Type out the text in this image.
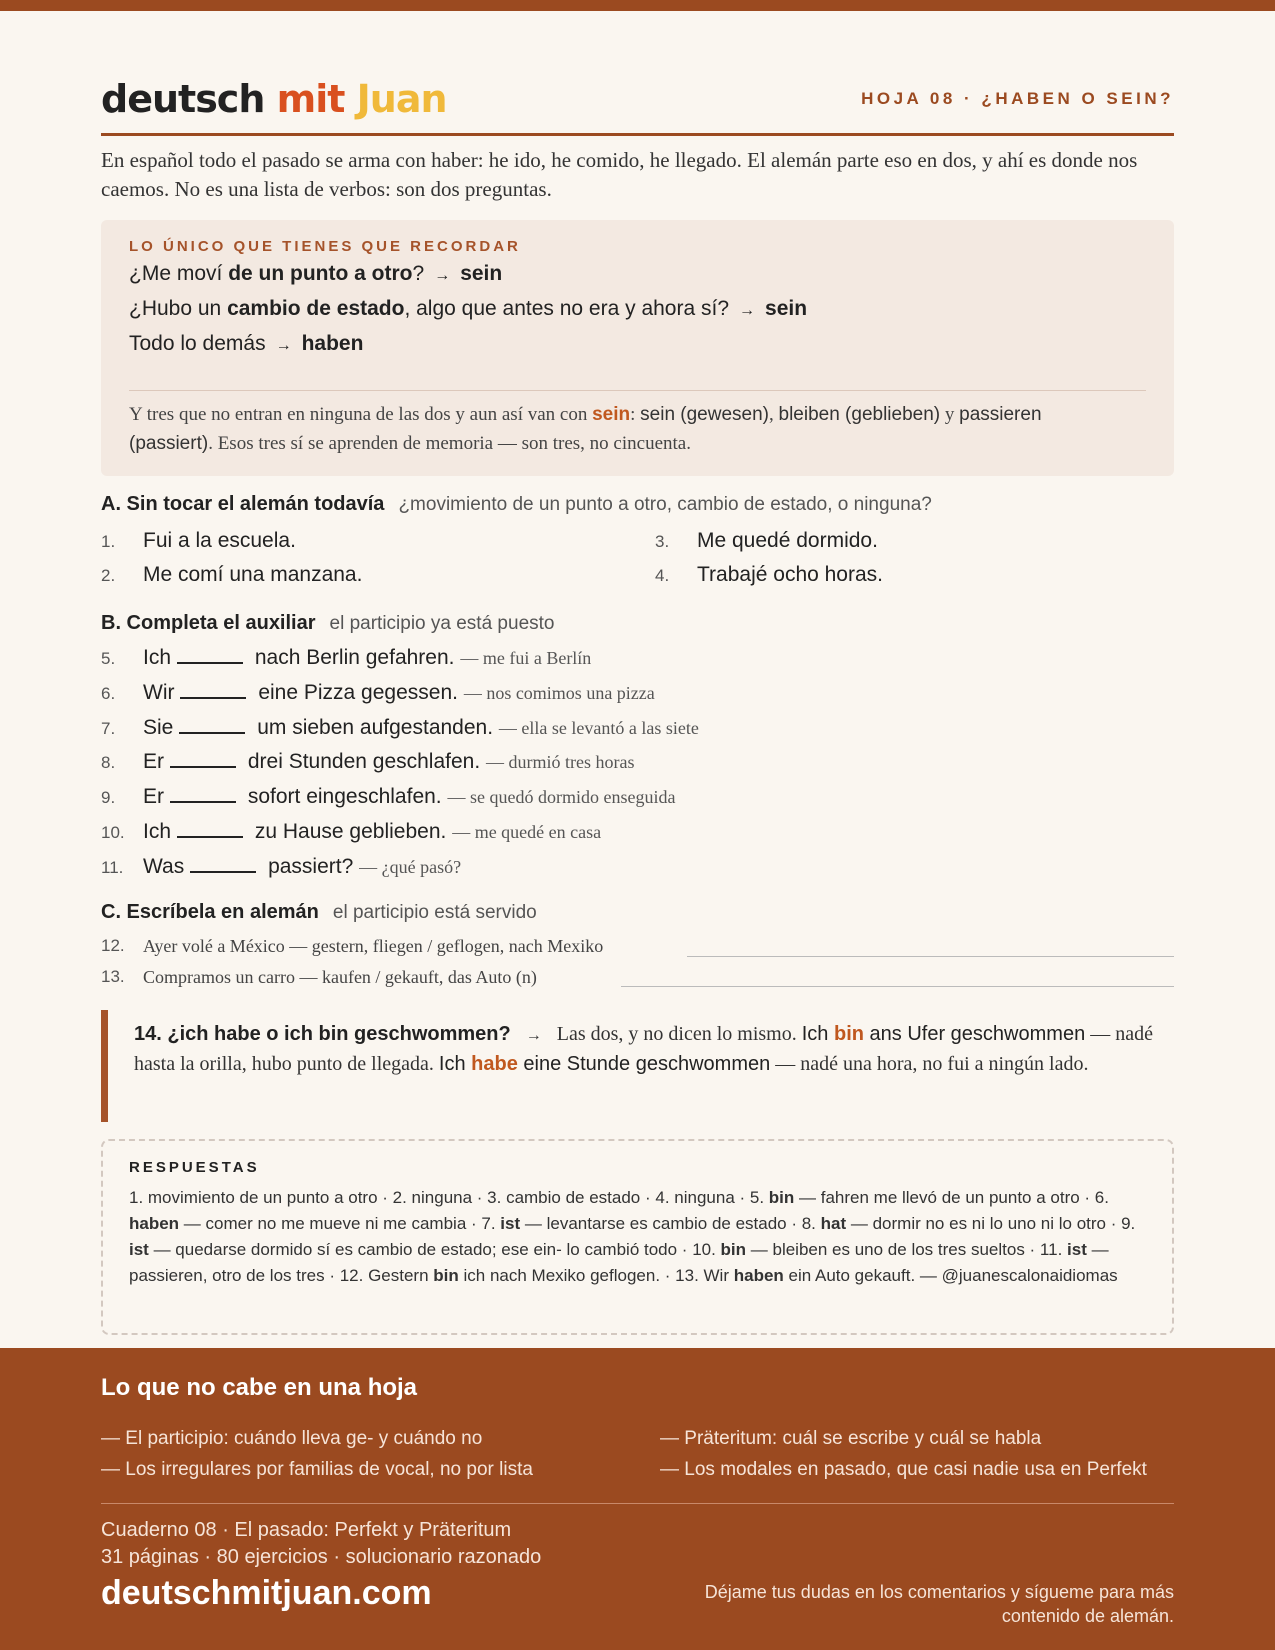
deutsch mit Juan	HOJA 08 · ¿HABEN O SEIN?
En español todo el pasado se arma con haber: he ido, he comido, he llegado. El alemán parte eso en dos, y ahí es donde nos caemos. No es una lista de verbos: son dos preguntas.
LO ÚNICO QUE TIENES QUE RECORDAR
¿Me moví de un punto a otro? → sein
¿Hubo un cambio de estado, algo que antes no era y ahora sí? → sein
Todo lo demás → haben
Y tres que no entran en ninguna de las dos y aun así van con sein: sein (gewesen), bleiben (geblieben) y passieren (passiert). Esos tres sí se aprenden de memoria — son tres, no cincuenta.
A. Sin tocar el alemán todavía ¿movimiento de un punto a otro, cambio de estado, o ninguna?
1. Fui a la escuela.
2. Me comí una manzana.
3. Me quedé dormido.
4. Trabajé ocho horas.
B. Completa el auxiliar el participio ya está puesto
5. Ich	nach Berlin gefahren. — me fui a Berlín
6. Wir	eine Pizza gegessen. — nos comimos una pizza
7. Sie	um sieben aufgestanden. — ella se levantó a las siete
8. Er	drei Stunden geschlafen. — durmió tres horas
9. Er	sofort eingeschlafen. — se quedó dormido enseguida
10. Ich	zu Hause geblieben. — me quedé en casa
11. Was	passiert? — ¿qué pasó?
C. Escríbela en alemán el participio está servido
12. Ayer volé a México — gestern, fliegen / geflogen, nach Mexiko
13. Compramos un carro — kaufen / gekauft, das Auto (n)
14. ¿ich habe o ich bin geschwommen? → Las dos, y no dicen lo mismo. Ich bin ans Ufer geschwommen — nadé hasta la orilla, hubo punto de llegada. Ich habe eine Stunde geschwommen — nadé una hora, no fui a ningún lado.
RESPUESTAS
1. movimiento de un punto a otro · 2. ninguna · 3. cambio de estado · 4. ninguna · 5. bin — fahren me llevó de un punto a otro · 6. haben — comer no me mueve ni me cambia · 7. ist — levantarse es cambio de estado · 8. hat — dormir no es ni lo uno ni lo otro · 9. ist — quedarse dormido sí es cambio de estado; ese ein- lo cambió todo · 10. bin — bleiben es uno de los tres sueltos · 11. ist — passieren, otro de los tres · 12. Gestern bin ich nach Mexiko geflogen. · 13. Wir haben ein Auto gekauft. — @juanescalonaidiomas
Lo que no cabe en una hoja
— El participio: cuándo lleva ge- y cuándo no
— Los irregulares por familias de vocal, no por lista
— Präteritum: cuál se escribe y cuál se habla
— Los modales en pasado, que casi nadie usa en Perfekt
Cuaderno 08 · El pasado: Perfekt y Präteritum
31 páginas · 80 ejercicios · solucionario razonado
deutschmitjuan.com	Déjame tus dudas en los comentarios y sígueme para más contenido de alemán.
